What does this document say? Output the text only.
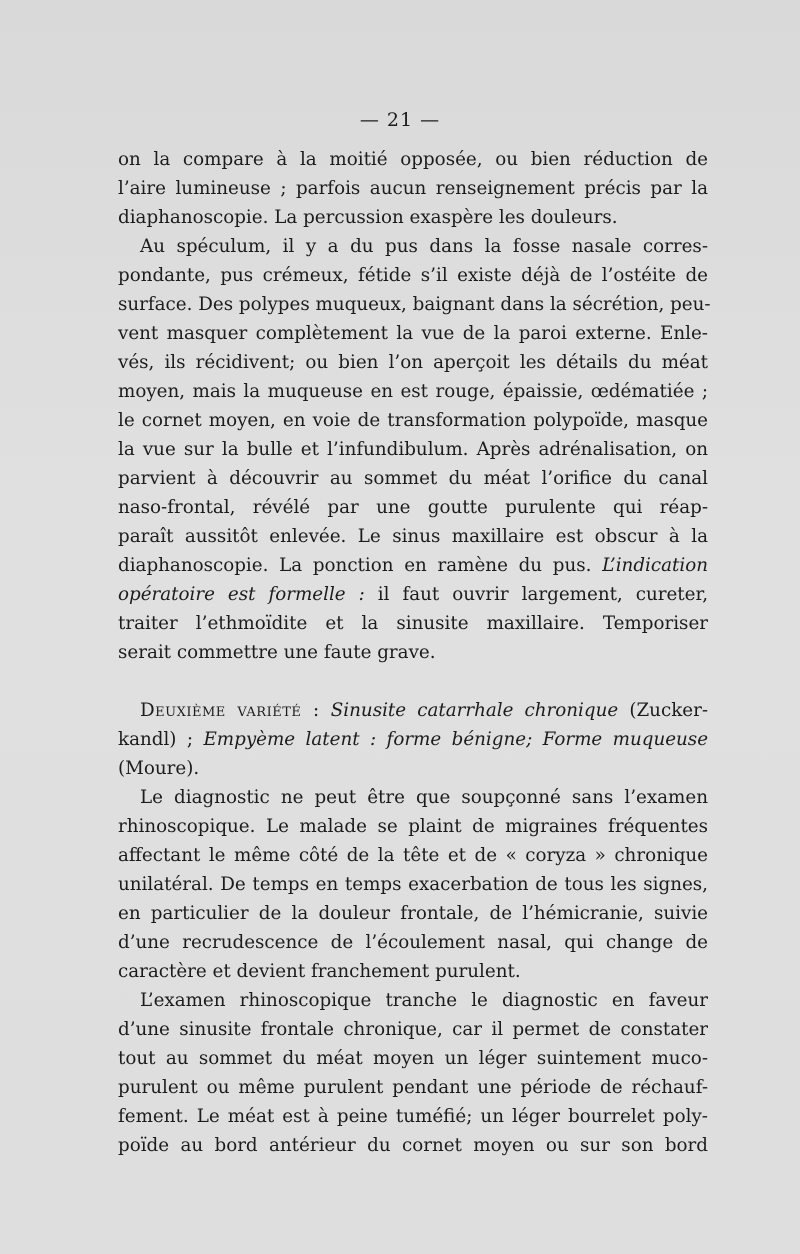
— 21 —
on la compare à la moitié opposée, ou bien réduction de
l’aire lumineuse ; parfois aucun renseignement précis par la
diaphanoscopie. La percussion exaspère les douleurs.
Au spéculum, il y a du pus dans la fosse nasale corres-
pondante, pus crémeux, fétide s’il existe déjà de l’ostéite de
surface. Des polypes muqueux, baignant dans la sécrétion, peu-
vent masquer complètement la vue de la paroi externe. Enle-
vés, ils récidivent; ou bien l’on aperçoit les détails du méat
moyen, mais la muqueuse en est rouge, épaissie, œdématiée ;
le cornet moyen, en voie de transformation polypoïde, masque
la vue sur la bulle et l’infundibulum. Après adrénalisation, on
parvient à découvrir au sommet du méat l’orifice du canal
naso-frontal, révélé par une goutte purulente qui réap-
paraît aussitôt enlevée. Le sinus maxillaire est obscur à la
diaphanoscopie. La ponction en ramène du pus. L’indication
opératoire est formelle : il faut ouvrir largement, cureter,
traiter l’ethmoïdite et la sinusite maxillaire. Temporiser
serait commettre une faute grave.
Deuxième variété : Sinusite catarrhale chronique (Zucker-
kandl) ; Empyème latent : forme bénigne; Forme muqueuse
(Moure).
Le diagnostic ne peut être que soupçonné sans l’examen
rhinoscopique. Le malade se plaint de migraines fréquentes
affectant le même côté de la tête et de « coryza » chronique
unilatéral. De temps en temps exacerbation de tous les signes,
en particulier de la douleur frontale, de l’hémicranie, suivie
d’une recrudescence de l’écoulement nasal, qui change de
caractère et devient franchement purulent.
L’examen rhinoscopique tranche le diagnostic en faveur
d’une sinusite frontale chronique, car il permet de constater
tout au sommet du méat moyen un léger suintement muco-
purulent ou même purulent pendant une période de réchauf-
fement. Le méat est à peine tuméfié; un léger bourrelet poly-
poïde au bord antérieur du cornet moyen ou sur son bord
